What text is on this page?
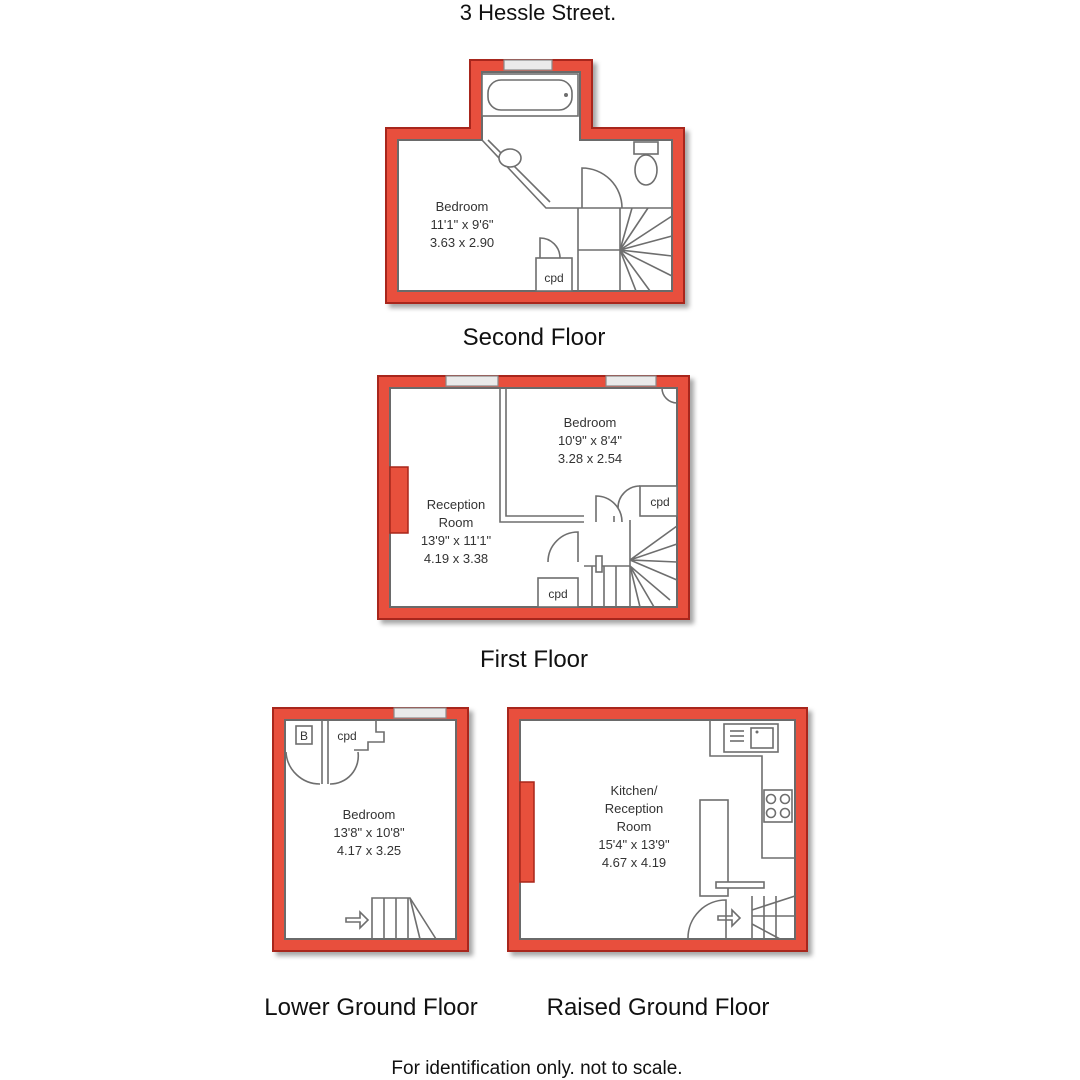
3 Hessle Street.
cpd
Bedroom
11'1" x 9'6"
3.63 x 2.90
Second Floor
cpd
cpd
Bedroom
10'9" x 8'4"
3.28 x 2.54
Reception
Room
13'9" x 11'1"
4.19 x 3.38
First Floor
B cpd
Bedroom
13'8" x 10'8"
4.17 x 3.25
Lower Ground Floor
Kitchen/
Reception
Room
15'4" x 13'9"
4.67 x 4.19
Raised Ground Floor
For identification only. not to scale.
